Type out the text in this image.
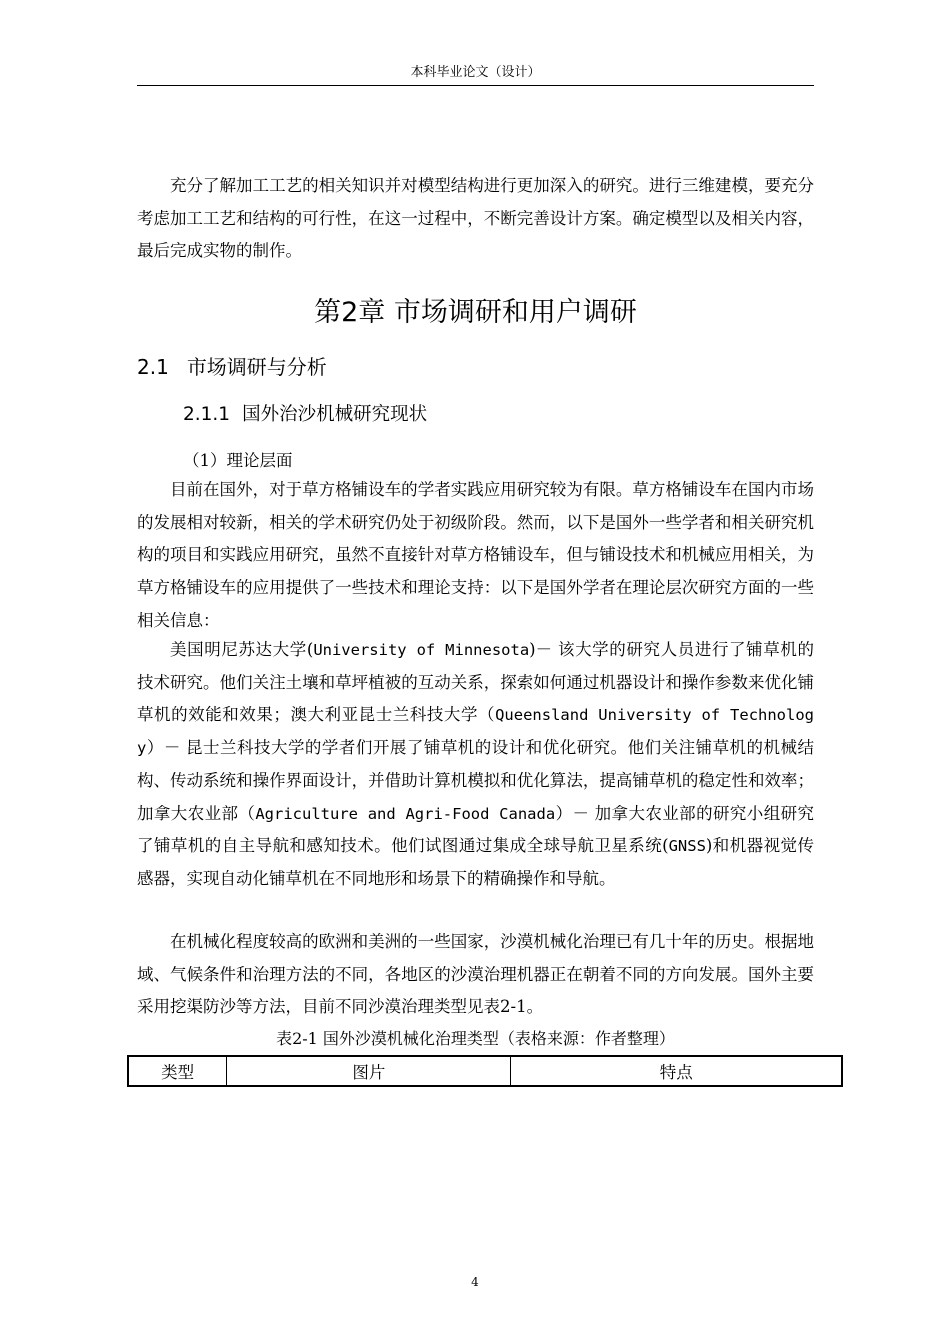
本科毕业论文（设计）

充分了解加工工艺的相关知识并对模型结构进行更加深入的研究。进行三维建模，要充分考虑加工工艺和结构的可行性，在这一过程中，不断完善设计方案。确定模型以及相关内容，最后完成实物的制作。

第2章 市场调研和用户调研
2.1 市场调研与分析
2.1.1 国外治沙机械研究现状
（1）理论层面

目前在国外，对于草方格铺设车的学者实践应用研究较为有限。草方格铺设车在国内市场的发展相对较新，相关的学术研究仍处于初级阶段。然而，以下是国外一些学者和相关研究机构的项目和实践应用研究，虽然不直接针对草方格铺设车，但与铺设技术和机械应用相关，为草方格铺设车的应用提供了一些技术和理论支持：以下是国外学者在理论层次研究方面的一些相关信息：

美国明尼苏达大学(University of Minnesota)－ 该大学的研究人员进行了铺草机的技术研究。他们关注土壤和草坪植被的互动关系，探索如何通过机器设计和操作参数来优化铺草机的效能和效果；澳大利亚昆士兰科技大学（Queensland University of Technology）－ 昆士兰科技大学的学者们开展了铺草机的设计和优化研究。他们关注铺草机的机械结构、传动系统和操作界面设计，并借助计算机模拟和优化算法，提高铺草机的稳定性和效率；加拿大农业部（Agriculture and Agri-Food Canada）－ 加拿大农业部的研究小组研究了铺草机的自主导航和感知技术。他们试图通过集成全球导航卫星系统(GNSS)和机器视觉传感器，实现自动化铺草机在不同地形和场景下的精确操作和导航。

在机械化程度较高的欧洲和美洲的一些国家，沙漠机械化治理已有几十年的历史。根据地域、气候条件和治理方法的不同，各地区的沙漠治理机器正在朝着不同的方向发展。国外主要采用挖渠防沙等方法，目前不同沙漠治理类型见表2-1。

表2-1 国外沙漠机械化治理类型（表格来源：作者整理）
类型	图片	特点
4
